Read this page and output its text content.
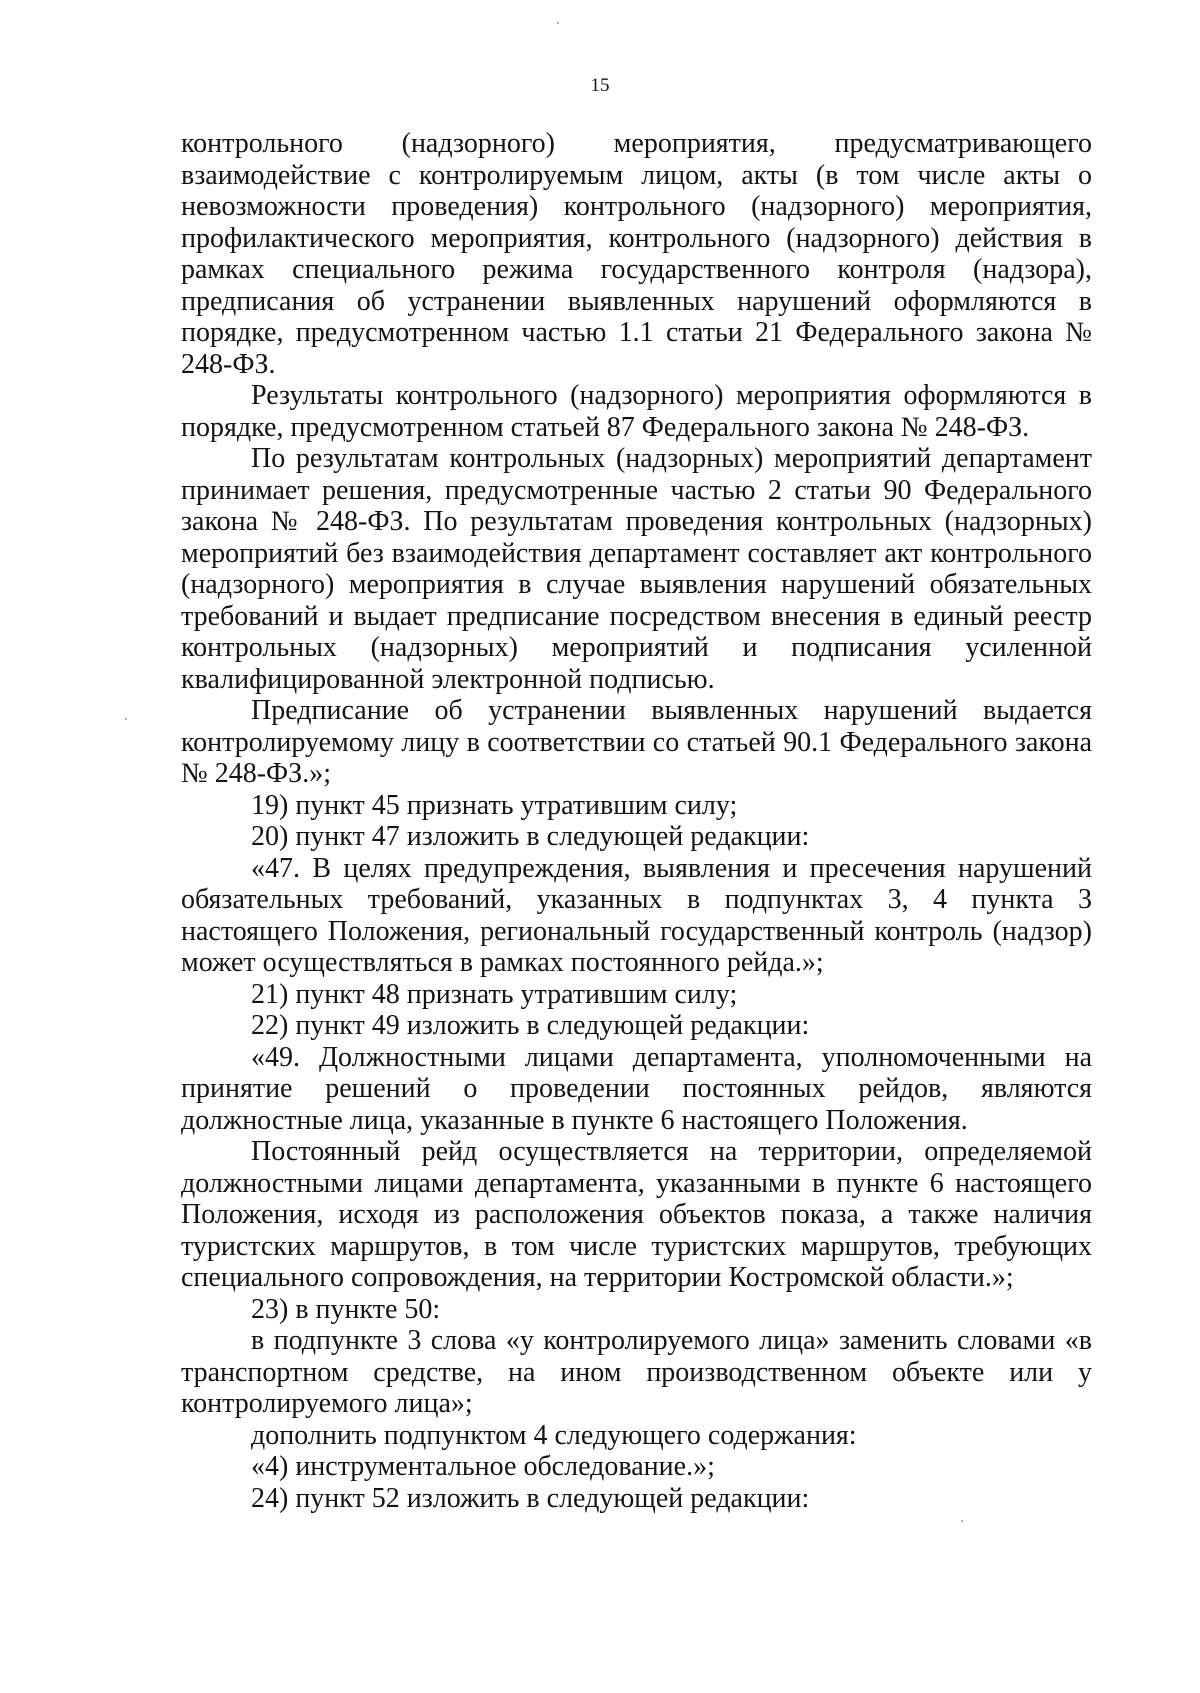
15

контрольного (надзорного) мероприятия, предусматривающего взаимодействие с контролируемым лицом, акты (в том числе акты о невозможности проведения) контрольного (надзорного) мероприятия, профилактического мероприятия, контрольного (надзорного) действия в рамках специального режима государственного контроля (надзора), предписания об устранении выявленных нарушений оформляются в порядке, предусмотренном частью 1.1 статьи 21 Федерального закона № 248-ФЗ.

Результаты контрольного (надзорного) мероприятия оформляются в порядке, предусмотренном статьей 87 Федерального закона № 248-ФЗ.

По результатам контрольных (надзорных) мероприятий департамент принимает решения, предусмотренные частью 2 статьи 90 Федерального закона № 248-ФЗ. По результатам проведения контрольных (надзорных) мероприятий без взаимодействия департамент составляет акт контрольного (надзорного) мероприятия в случае выявления нарушений обязательных требований и выдает предписание посредством внесения в единый реестр контрольных (надзорных) мероприятий и подписания усиленной квалифицированной электронной подписью.

Предписание об устранении выявленных нарушений выдается контролируемому лицу в соответствии со статьей 90.1 Федерального закона № 248-ФЗ.»;

19) пункт 45 признать утратившим силу;

20) пункт 47 изложить в следующей редакции:

«47. В целях предупреждения, выявления и пресечения нарушений обязательных требований, указанных в подпунктах 3, 4 пункта 3 настоящего Положения, региональный государственный контроль (надзор) может осуществляться в рамках постоянного рейда.»;

21) пункт 48 признать утратившим силу;

22) пункт 49 изложить в следующей редакции:

«49. Должностными лицами департамента, уполномоченными на принятие решений о проведении постоянных рейдов, являются должностные лица, указанные в пункте 6 настоящего Положения.

Постоянный рейд осуществляется на территории, определяемой должностными лицами департамента, указанными в пункте 6 настоящего Положения, исходя из расположения объектов показа, а также наличия туристских маршрутов, в том числе туристских маршрутов, требующих специального сопровождения, на территории Костромской области.»;

23) в пункте 50:

в подпункте 3 слова «у контролируемого лица» заменить словами «в транспортном средстве, на ином производственном объекте или у контролируемого лица»;

дополнить подпунктом 4 следующего содержания:

«4) инструментальное обследование.»;

24) пункт 52 изложить в следующей редакции:
